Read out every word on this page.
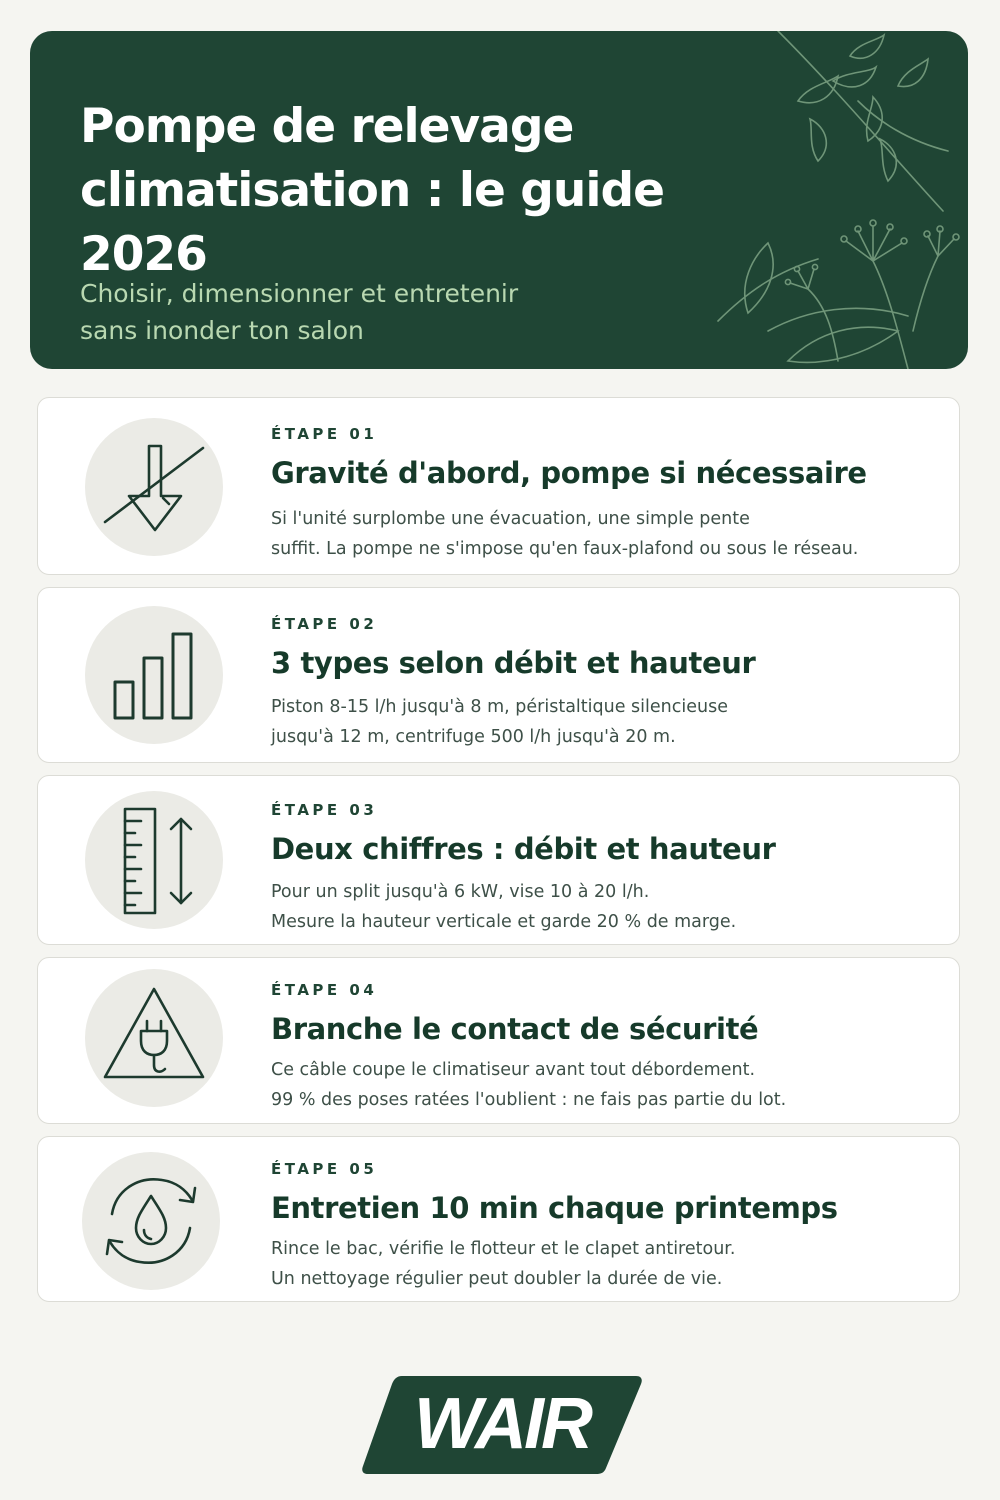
Pompe de relevage
climatisation : le guide 2026
Choisir, dimensionner et entretenir
sans inonder ton salon
ÉTAPE 01
Gravité d'abord, pompe si nécessaire
Si l'unité surplombe une évacuation, une simple pente
suffit. La pompe ne s'impose qu'en faux-plafond ou sous le réseau.
ÉTAPE 02
3 types selon débit et hauteur
Piston 8-15 l/h jusqu'à 8 m, péristaltique silencieuse
jusqu'à 12 m, centrifuge 500 l/h jusqu'à 20 m.
ÉTAPE 03
Deux chiffres : débit et hauteur
Pour un split jusqu'à 6 kW, vise 10 à 20 l/h.
Mesure la hauteur verticale et garde 20 % de marge.
ÉTAPE 04
Branche le contact de sécurité
Ce câble coupe le climatiseur avant tout débordement.
99 % des poses ratées l'oublient : ne fais pas partie du lot.
ÉTAPE 05
Entretien 10 min chaque printemps
Rince le bac, vérifie le flotteur et le clapet antiretour.
Un nettoyage régulier peut doubler la durée de vie.
WAIR
